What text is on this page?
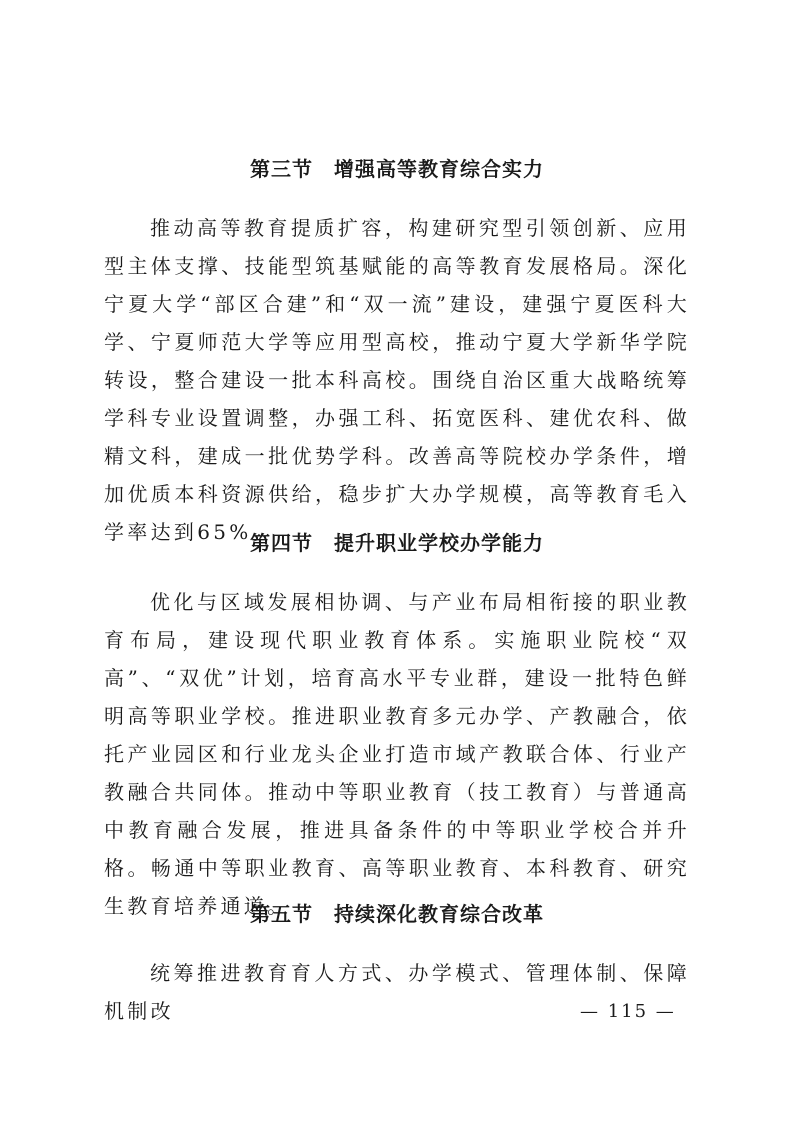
第三节　增强高等教育综合实力

推动高等教育提质扩容，构建研究型引领创新、应用型主体支撑、技能型筑基赋能的高等教育发展格局。深化宁夏大学“部区合建”和“双一流”建设，建强宁夏医科大学、宁夏师范大学等应用型高校，推动宁夏大学新华学院转设，整合建设一批本科高校。围绕自治区重大战略统筹学科专业设置调整，办强工科、拓宽医科、建优农科、做精文科，建成一批优势学科。改善高等院校办学条件，增加优质本科资源供给，稳步扩大办学规模，高等教育毛入学率达到65%。

第四节　提升职业学校办学能力

优化与区域发展相协调、与产业布局相衔接的职业教育布局，建设现代职业教育体系。实施职业院校“双高”、“双优”计划，培育高水平专业群，建设一批特色鲜明高等职业学校。推进职业教育多元办学、产教融合，依托产业园区和行业龙头企业打造市域产教联合体、行业产教融合共同体。推动中等职业教育（技工教育）与普通高中教育融合发展，推进具备条件的中等职业学校合并升格。畅通中等职业教育、高等职业教育、本科教育、研究生教育培养通道。

第五节　持续深化教育综合改革

统筹推进教育育人方式、办学模式、管理体制、保障机制改	— 115 —
